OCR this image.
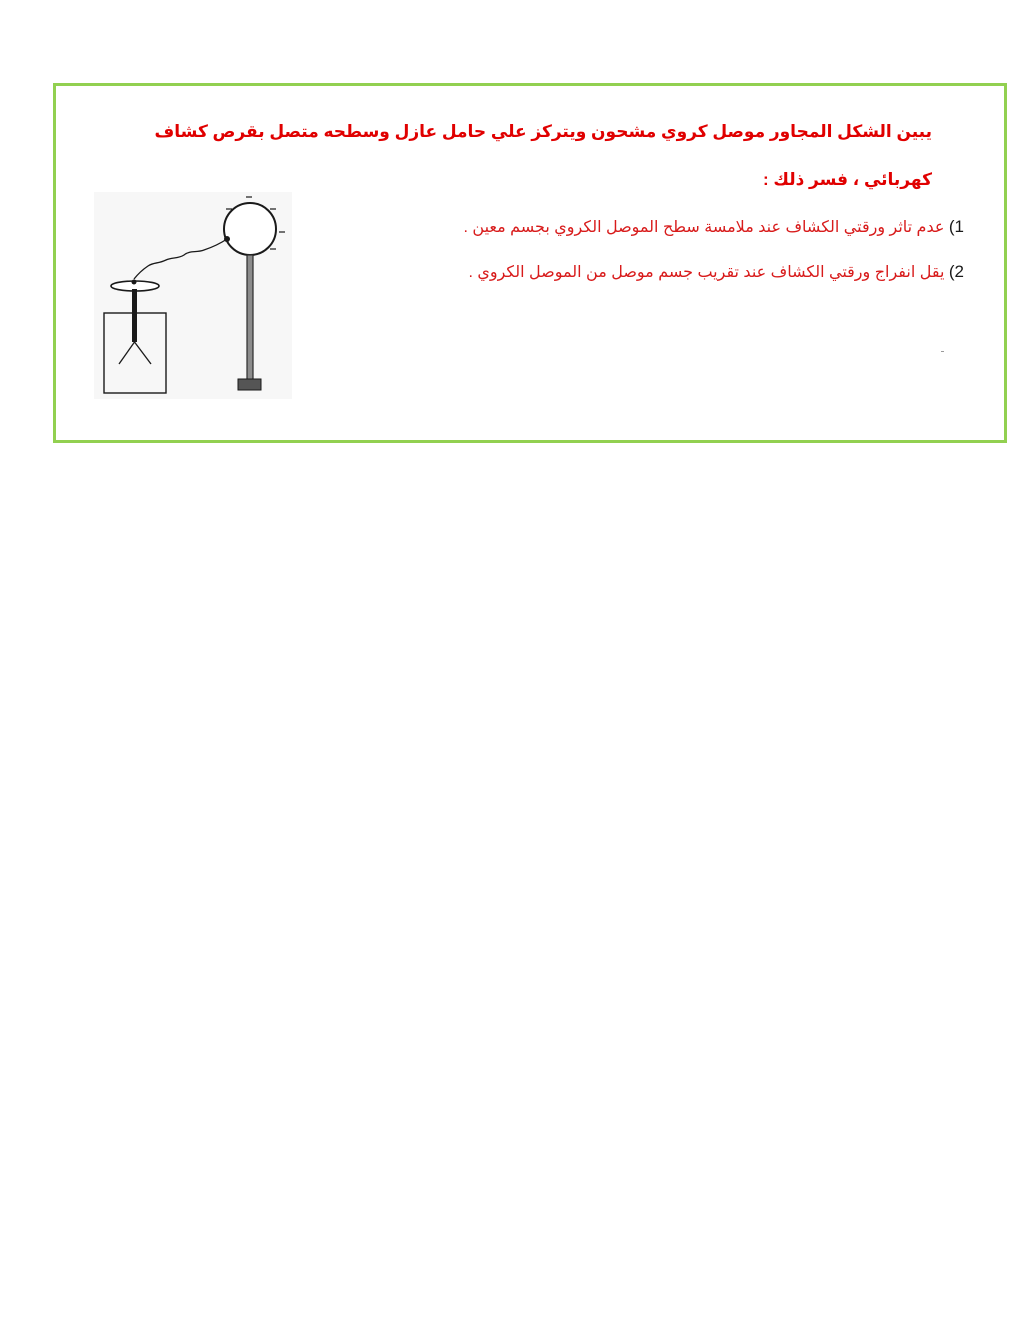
يبين الشكل المجاور موصل كروي مشحون ويتركز علي حامل عازل وسطحه متصل بقرص كشاف

كهربائي ، فسر ذلك :

1) عدم تاثر ورقتي الكشاف عند ملامسة سطح الموصل الكروي بجسم معين .

2) يقل انفراج ورقتي الكشاف عند تقريب جسم موصل من الموصل الكروي .
